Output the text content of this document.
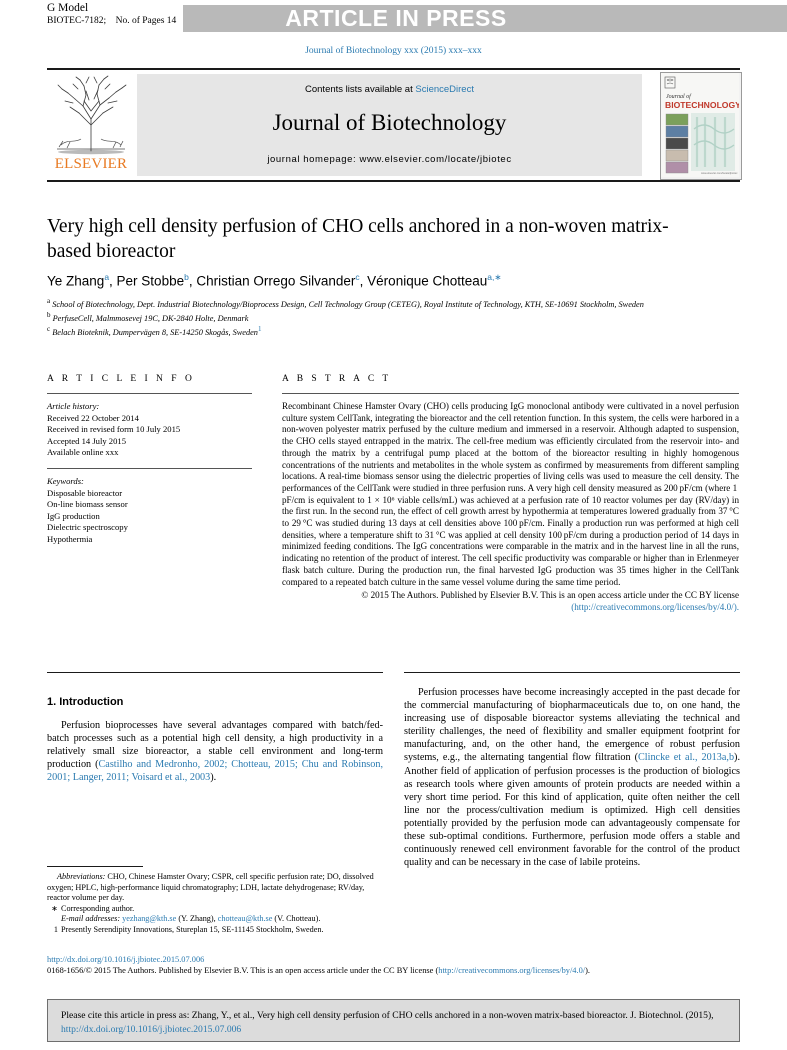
G Model
BIOTEC-7182; No. of Pages 14	ARTICLE IN PRESS
Journal of Biotechnology xxx (2015) xxx–xxx
ELSEVIER
Contents lists available at ScienceDirect
Journal of Biotechnology
journal homepage: www.elsevier.com/locate/jbiotec
Journal of
BIOTECHNOLOGY
www.elsevier.com/locate/jbiotec
Very high cell density perfusion of CHO cells anchored in a non-woven matrix-based bioreactor
Ye Zhang$^a$, Per Stobbe$^b$, Christian Orrego Silvander$^c$, Véronique Chotteau$^{a,∗}$
$^a$ School of Biotechnology, Dept. Industrial Biotechnology/Bioprocess Design, Cell Technology Group (CETEG), Royal Institute of Technology, KTH, SE-10691 Stockholm, Sweden
$^b$ PerfuseCell, Malmmosevej 19C, DK-2840 Holte, Denmark
$^c$ Belach Bioteknik, Dumpervägen 8, SE-14250 Skogås, Sweden$^1$
A R T I C L E I N F O
Article history:
Received 22 October 2014
Received in revised form 10 July 2015
Accepted 14 July 2015
Available online xxx
Keywords:
Disposable bioreactor
On-line biomass sensor
IgG production
Dielectric spectroscopy
Hypothermia
A B S T R A C T
Recombinant Chinese Hamster Ovary (CHO) cells producing IgG monoclonal antibody were cultivated in a novel perfusion culture system CellTank, integrating the bioreactor and the cell retention function. In this system, the cells were harbored in a non-woven polyester matrix perfused by the culture medium and immersed in a reservoir. Although adapted to suspension, the CHO cells stayed entrapped in the matrix. The cell-free medium was efficiently circulated from the reservoir into- and through the matrix by a centrifugal pump placed at the bottom of the bioreactor resulting in highly homogenous concentrations of the nutrients and metabolites in the whole system as confirmed by measurements from different sampling locations. A real-time biomass sensor using the dielectric properties of living cells was used to measure the cell density. The performances of the CellTank were studied in three perfusion runs. A very high cell density measured as 200 pF/cm (where 1 pF/cm is equivalent to 1 × 10⁶ viable cells/mL) was achieved at a perfusion rate of 10 reactor volumes per day (RV/day) in the first run. In the second run, the effect of cell growth arrest by hypothermia at temperatures lowered gradually from 37 °C to 29 °C was studied during 13 days at cell densities above 100 pF/cm. Finally a production run was performed at high cell densities, where a temperature shift to 31 °C was applied at cell density 100 pF/cm during a production period of 14 days in minimized feeding conditions. The IgG concentrations were comparable in the matrix and in the harvest line in all the runs, indicating no retention of the product of interest. The cell specific productivity was comparable or higher than in Erlenmeyer flask batch culture. During the production run, the final harvested IgG production was 35 times higher in the CellTank compared to a repeated batch culture in the same vessel volume during the same time period.
© 2015 The Authors. Published by Elsevier B.V. This is an open access article under the CC BY license
(http://creativecommons.org/licenses/by/4.0/).
1. Introduction

Perfusion bioprocesses have several advantages compared with batch/fed-batch processes such as a potential high cell density, a high productivity in a relatively small size bioreactor, a stable cell environment and long-term production (Castilho and Medronho, 2002; Chotteau, 2015; Chu and Robinson, 2001; Langer, 2011; Voisard et al., 2003).

Perfusion processes have become increasingly accepted in the past decade for the commercial manufacturing of biopharmaceuticals due to, on one hand, the increasing use of disposable bioreactor systems alleviating the technical and sterility challenges, the need of flexibility and smaller equipment footprint for manufacturing, and, on the other hand, the emergence of robust perfusion systems, e.g., the alternating tangential flow filtration (Clincke et al., 2013a,b). Another field of application of perfusion processes is the production of biologics as research tools where given amounts of protein products are needed within a very short time period. For this kind of application, quite often neither the cell line nor the process/cultivation medium is optimized. High cell densities potentially provided by the perfusion mode can advantageously compensate for these sub-optimal conditions. Furthermore, perfusion mode offers a stable and continuously renewed cell environment favorable for the control of the product quality and can be necessary in the case of labile proteins.

Abbreviations: CHO, Chinese Hamster Ovary; CSPR, cell specific perfusion rate; DO, dissolved oxygen; HPLC, high-performance liquid chromatography; LDH, lactate dehydrogenase; RV/day, reactor volume per day.
∗ Corresponding author.
E-mail addresses: yezhang@kth.se (Y. Zhang), chotteau@kth.se (V. Chotteau).
1 Presently Serendipity Innovations, Stureplan 15, SE-11145 Stockholm, Sweden.
http://dx.doi.org/10.1016/j.jbiotec.2015.07.006
0168-1656/© 2015 The Authors. Published by Elsevier B.V. This is an open access article under the CC BY license (http://creativecommons.org/licenses/by/4.0/).
Please cite this article in press as: Zhang, Y., et al., Very high cell density perfusion of CHO cells anchored in a non-woven matrix-based bioreactor. J. Biotechnol. (2015), http://dx.doi.org/10.1016/j.jbiotec.2015.07.006
